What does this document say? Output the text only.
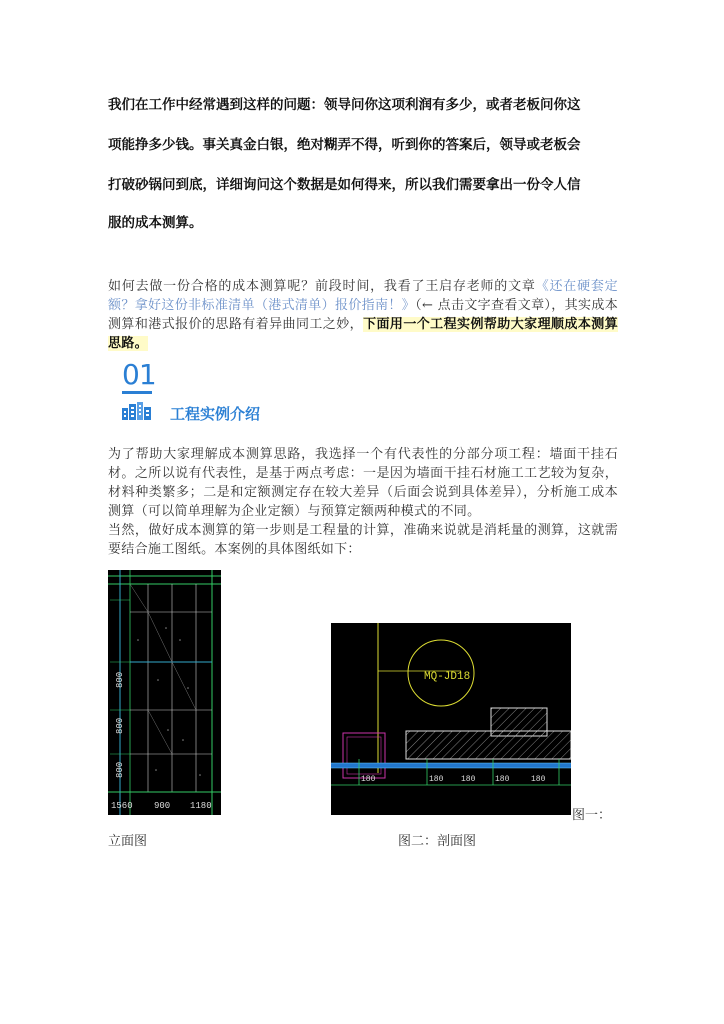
我们在工作中经常遇到这样的问题：领导问你这项利润有多少，或者老板问你这

项能挣多少钱。事关真金白银，绝对糊弄不得，听到你的答案后，领导或老板会

打破砂锅问到底，详细询问这个数据是如何得来，所以我们需要拿出一份令人信

服的成本测算。

如何去做一份合格的成本测算呢？前段时间，我看了王启存老师的文章《还在硬套定额？拿好这份非标准清单（港式清单）报价指南！》（← 点击文字查看文章），其实成本测算和港式报价的思路有着异曲同工之妙，下面用一个工程实例帮助大家理顺成本测算思路。

01
工程实例介绍

为了帮助大家理解成本测算思路，我选择一个有代表性的分部分项工程：墙面干挂石材。之所以说有代表性，是基于两点考虑：一是因为墙面干挂石材施工工艺较为复杂，材料种类繁多；二是和定额测定存在较大差异（后面会说到具体差异），分析施工成本测算（可以简单理解为企业定额）与预算定额两种模式的不同。

当然，做好成本测算的第一步则是工程量的计算，准确来说就是消耗量的测算，这就需要结合施工图纸。本案例的具体图纸如下：

800
800
800
1560 900 1180
MQ-JD18
180	180 180 180	180
图一：
立面图	图二：剖面图
